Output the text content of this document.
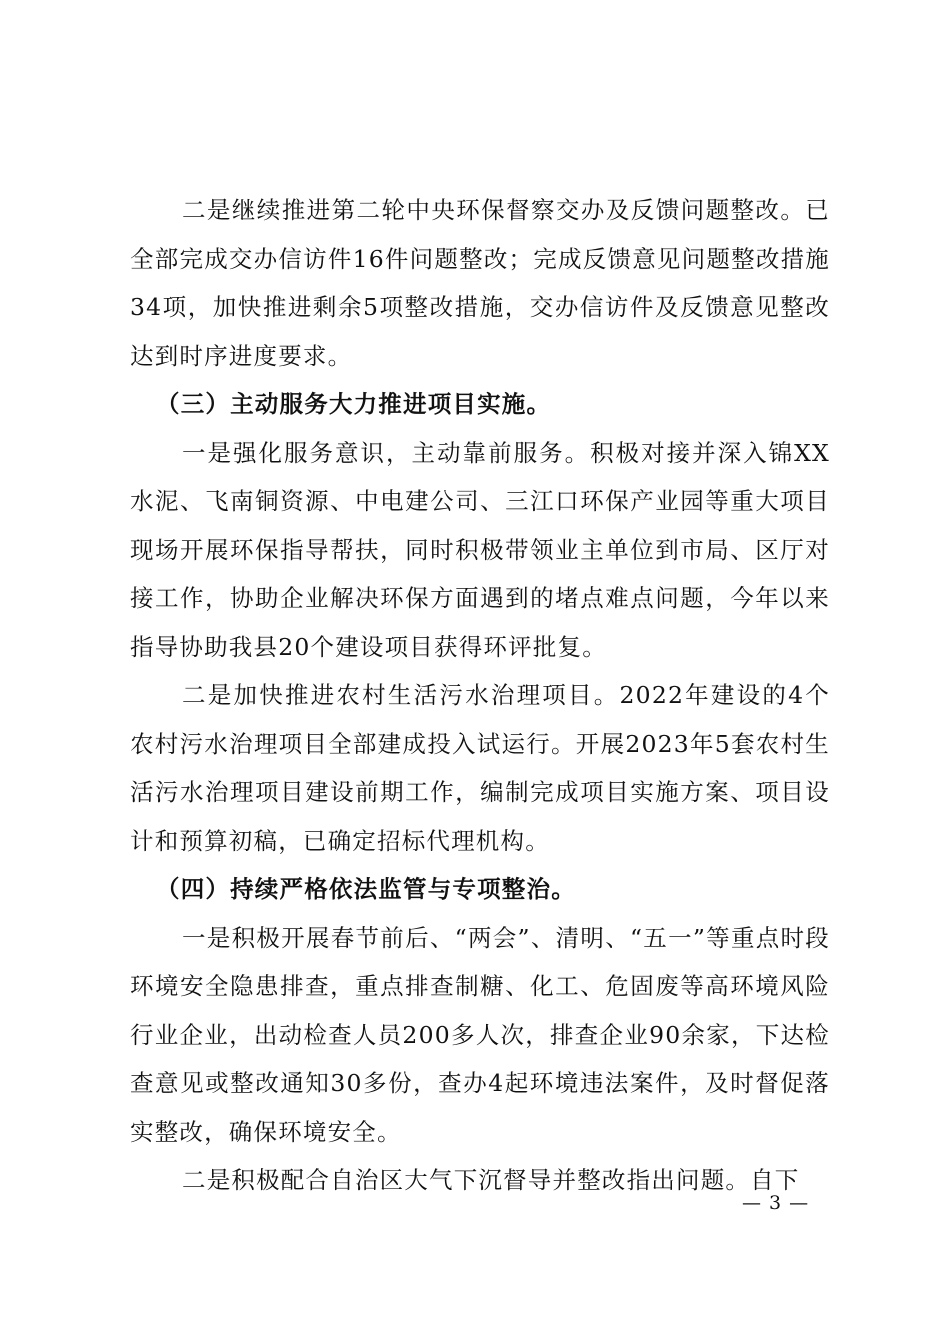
二是继续推进第二轮中央环保督察交办及反馈问题整改。已全部完成交办信访件16件问题整改；完成反馈意见问题整改措施34项，加快推进剩余5项整改措施，交办信访件及反馈意见整改达到时序进度要求。

（三）主动服务大力推进项目实施。

一是强化服务意识，主动靠前服务。积极对接并深入锦XX水泥、飞南铜资源、中电建公司、三江口环保产业园等重大项目现场开展环保指导帮扶，同时积极带领业主单位到市局、区厅对接工作，协助企业解决环保方面遇到的堵点难点问题，今年以来指导协助我县20个建设项目获得环评批复。

二是加快推进农村生活污水治理项目。2022年建设的4个农村污水治理项目全部建成投入试运行。开展2023年5套农村生活污水治理项目建设前期工作，编制完成项目实施方案、项目设计和预算初稿，已确定招标代理机构。

（四）持续严格依法监管与专项整治。

一是积极开展春节前后、“两会”、清明、“五一”等重点时段环境安全隐患排查，重点排查制糖、化工、危固废等高环境风险行业企业，出动检查人员200多人次，排查企业90余家，下达检查意见或整改通知30多份，查办4起环境违法案件，及时督促落实整改，确保环境安全。

二是积极配合自治区大气下沉督导并整改指出问题。自下

— 3 —
